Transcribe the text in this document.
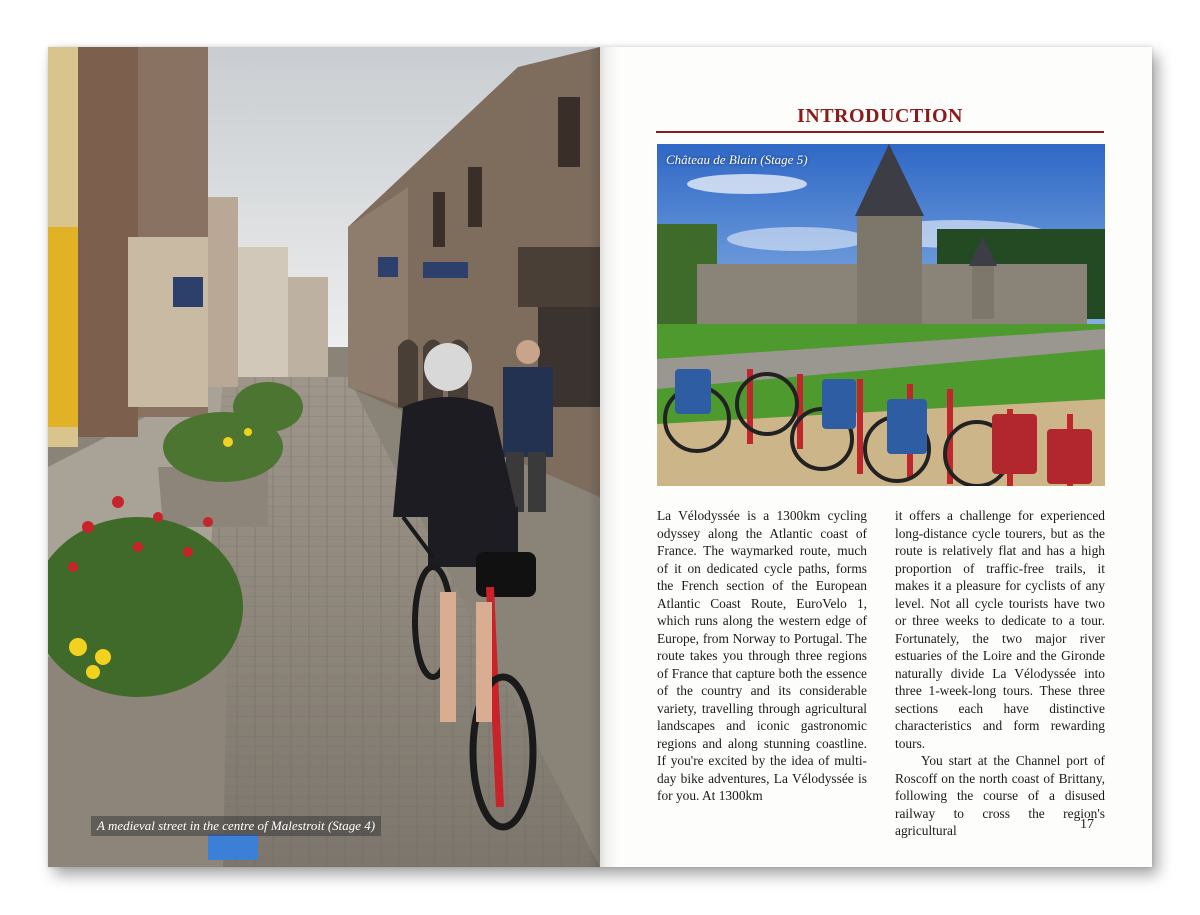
A medieval street in the centre of Malestroit (Stage 4)
INTRODUCTION
Château de Blain (Stage 5)

La Vélodyssée is a 1300km cycling odyssey along the Atlantic coast of France. The waymarked route, much of it on dedicated cycle paths, forms the French section of the European Atlantic Coast Route, EuroVelo 1, which runs along the western edge of Europe, from Norway to Portugal. The route takes you through three regions of France that capture both the essence of the country and its considerable variety, travelling through agricultural landscapes and iconic gastronomic regions and along stunning coastline. If you're excited by the idea of multi-day bike adventures, La Vélodyssée is for you. At 1300km

it offers a challenge for experienced long-distance cycle tourers, but as the route is relatively flat and has a high proportion of traffic-free trails, it makes it a pleasure for cyclists of any level. Not all cycle tourists have two or three weeks to dedicate to a tour. Fortunately, the two major river estuaries of the Loire and the Gironde naturally divide La Vélodyssée into three 1-week-long tours. These three sections each have distinctive characteristics and form rewarding tours.

You start at the Channel port of Roscoff on the north coast of Brittany, following the course of a disused railway to cross the region's agricultural	17
